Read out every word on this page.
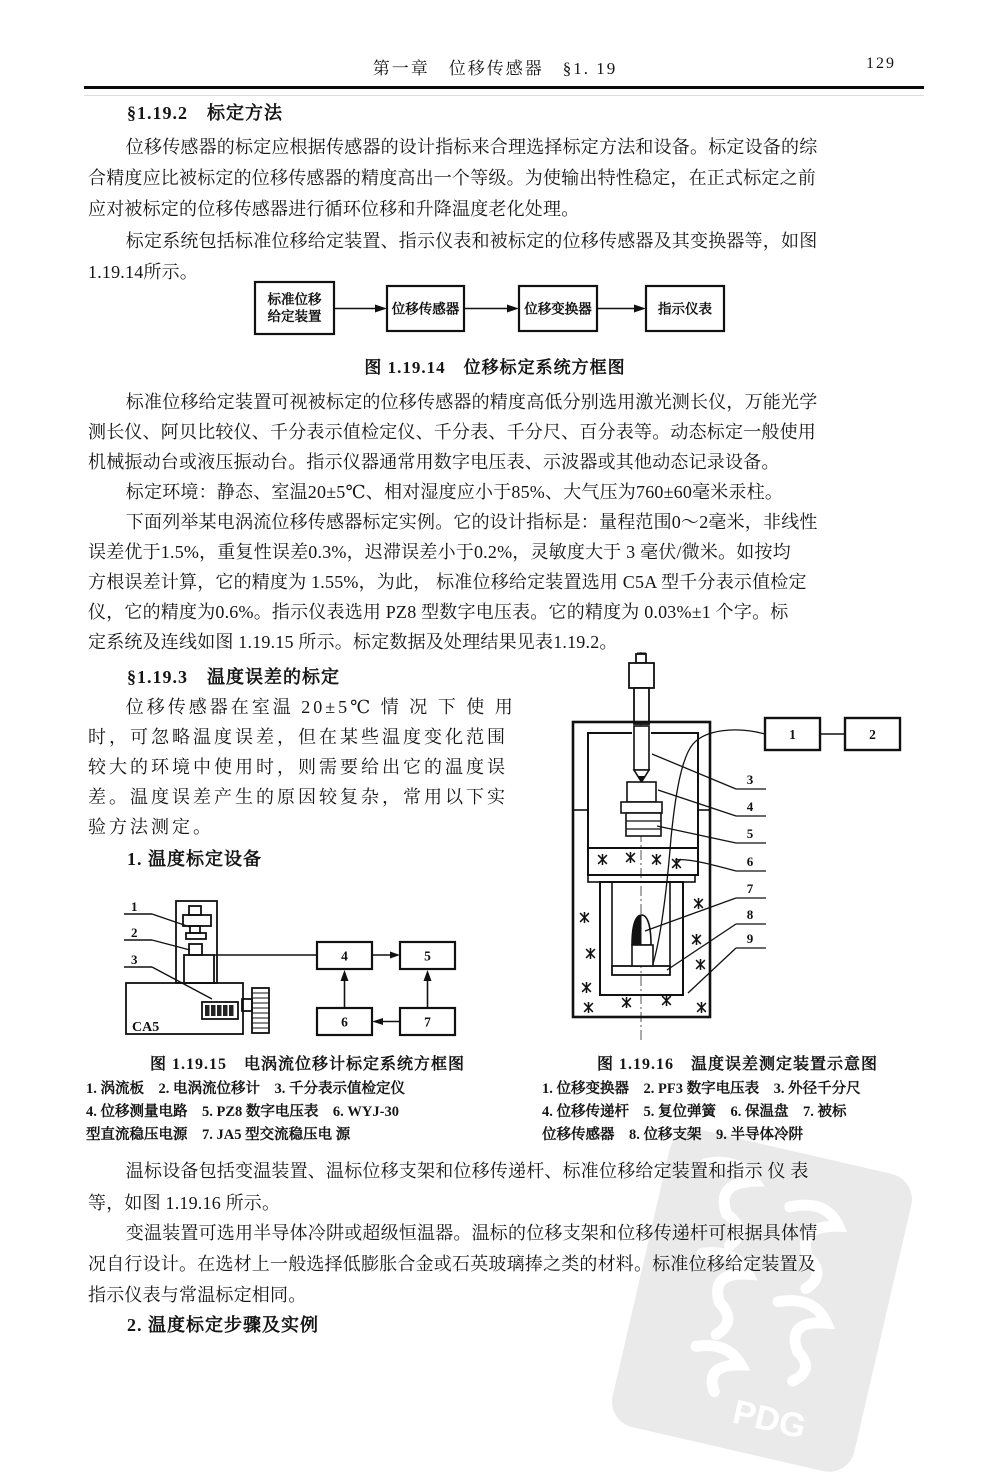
PDG
第一章　位移传感器　§1. 19	129
§1.19.2　标定方法
位移传感器的标定应根据传感器的设计指标来合理选择标定方法和设备。标定设备的综
合精度应比被标定的位移传感器的精度高出一个等级。为使输出特性稳定，在正式标定之前
应对被标定的位移传感器进行循环位移和升降温度老化处理。
标定系统包括标准位移给定装置、指示仪表和被标定的位移传感器及其变换器等，如图
1.19.14所示。
标准位移
给定装置	位移传感器	位移变换器	指示仪表
图 1.19.14　位移标定系统方框图
标准位移给定装置可视被标定的位移传感器的精度高低分别选用激光测长仪，万能光学
测长仪、阿贝比较仪、千分表示值检定仪、千分表、千分尺、百分表等。动态标定一般使用
机械振动台或液压振动台。指示仪器通常用数字电压表、示波器或其他动态记录设备。
标定环境：静态、室温20±5℃、相对湿度应小于85%、大气压为760±60毫米汞柱。
下面列举某电涡流位移传感器标定实例。它的设计指标是：量程范围0～2毫米，非线性
误差优于1.5%，重复性误差0.3%，迟滞误差小于0.2%，灵敏度大于 3 毫伏/微米。如按均
方根误差计算，它的精度为 1.55%，为此， 标准位移给定装置选用 C5A 型千分表示值检定
仪，它的精度为0.6%。指示仪表选用 PZ8 型数字电压表。它的精度为 0.03%±1 个字。标
定系统及连线如图 1.19.15 所示。标定数据及处理结果见表1.19.2。
§1.19.3　温度误差的标定
位移传感器在室温 20±5℃ 情 况 下 使 用
时，可忽略温度误差，但在某些温度变化范围
较大的环境中使用时，则需要给出它的温度误
差。温度误差产生的原因较复杂，常用以下实
验方法测定。
1. 温度标定设备
1
2
3
CA5
4	5
6	7
图 1.19.15　电涡流位移计标定系统方框图
1. 涡流板　2. 电涡流位移计　3. 千分表示值检定仪
4. 位移测量电路　5. PZ8 数字电压表　6. WYJ-30
型直流稳压电源　7. JA5 型交流稳压电 源
3
4
5
6
7
8
9
1	2
图 1.19.16　温度误差测定装置示意图
1. 位移变换器　2. PF3 数字电压表　3. 外径千分尺
4. 位移传递杆　5. 复位弹簧　6. 保温盘　7. 被标
位移传感器　8. 位移支架　9. 半导体冷阱
温标设备包括变温装置、温标位移支架和位移传递杆、标准位移给定装置和指示 仪 表
等，如图 1.19.16 所示。
变温装置可选用半导体冷阱或超级恒温器。温标的位移支架和位移传递杆可根据具体情
况自行设计。在选材上一般选择低膨胀合金或石英玻璃捧之类的材料。标准位移给定装置及
指示仪表与常温标定相同。
2. 温度标定步骤及实例
